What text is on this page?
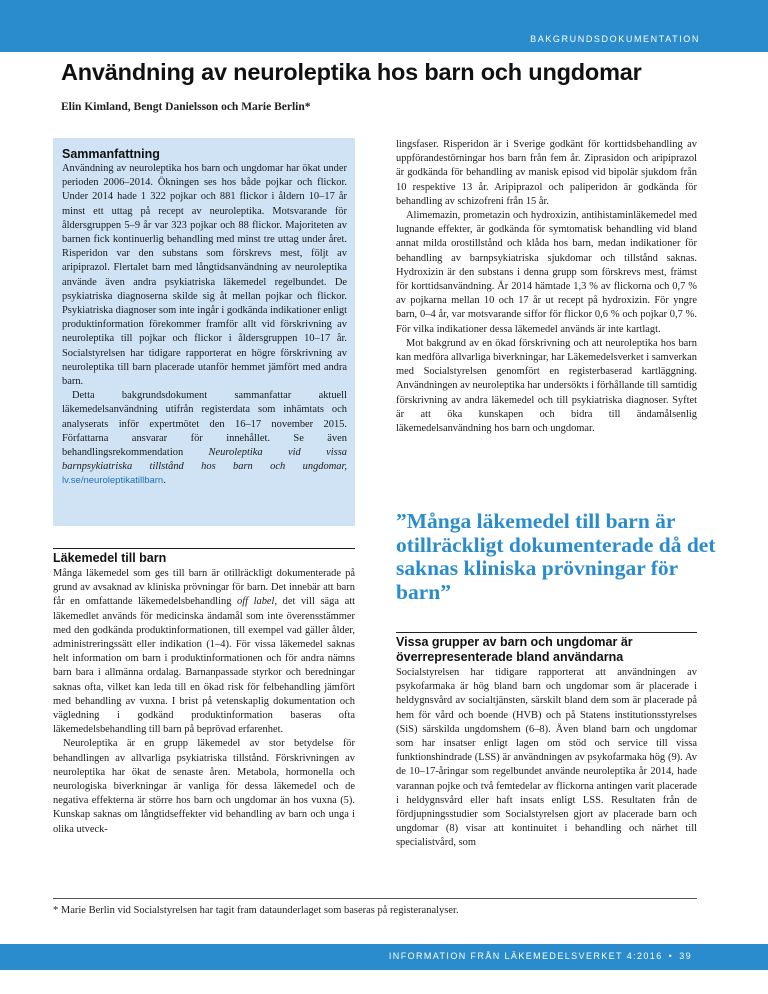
BAKGRUNDSDOKUMENTATION
Användning av neuroleptika hos barn och ungdomar
Elin Kimland, Bengt Danielsson och Marie Berlin*
Sammanfattning

Användning av neuroleptika hos barn och ungdomar har ökat under perioden 2006–2014. Ökningen ses hos både pojkar och flickor. Under 2014 hade 1 322 pojkar och 881 flickor i åldern 10–17 år minst ett uttag på recept av neuroleptika. Motsvarande för åldersgruppen 5–9 år var 323 pojkar och 88 flickor. Majoriteten av barnen fick kontinuerlig behandling med minst tre uttag under året. Risperidon var den substans som förskrevs mest, följt av aripiprazol. Flertalet barn med långtidsanvändning av neuroleptika använde även andra psykiatriska läkemedel regelbundet. De psykiatriska diagnoserna skilde sig åt mellan pojkar och flickor. Psykiatriska diagnoser som inte ingår i godkända indikationer enligt produktinformation förekommer framför allt vid förskrivning av neuroleptika till pojkar och flickor i åldersgruppen 10–17 år. Socialstyrelsen har tidigare rapporterat en högre förskrivning av neuroleptika till barn placerade utanför hemmet jämfört med andra barn.

Detta bakgrundsdokument sammanfattar aktuell läkemedelsanvändning utifrån registerdata som inhämtats och analyserats inför expertmötet den 16–17 november 2015. Författarna ansvarar för innehållet. Se även behandlingsrekommendation Neuroleptika vid vissa barnpsykiatriska tillstånd hos barn och ungdomar, lv.se/neuroleptikatillbarn.

Läkemedel till barn

Många läkemedel som ges till barn är otillräckligt dokumenterade på grund av avsaknad av kliniska prövningar för barn. Det innebär att barn får en omfattande läkemedelsbehandling off label, det vill säga att läkemedlet används för medicinska ändamål som inte överensstämmer med den godkända produktinformationen, till exempel vad gäller ålder, administreringssätt eller indikation (1–4). För vissa läkemedel saknas helt information om barn i produktinformationen och för andra nämns barn bara i allmänna ordalag. Barnanpassade styrkor och beredningar saknas ofta, vilket kan leda till en ökad risk för felbehandling jämfört med behandling av vuxna. I brist på vetenskaplig dokumentation och vägledning i godkänd produktinformation baseras ofta läkemedelsbehandling till barn på beprövad erfarenhet.

Neuroleptika är en grupp läkemedel av stor betydelse för behandlingen av allvarliga psykiatriska tillstånd. Förskrivningen av neuroleptika har ökat de senaste åren. Metabola, hormonella och neurologiska biverkningar är vanliga för dessa läkemedel och de negativa effekterna är större hos barn och ungdomar än hos vuxna (5). Kunskap saknas om långtidseffekter vid behandling av barn och unga i olika utveck-

lingsfaser. Risperidon är i Sverige godkänt för korttidsbehandling av uppförandestörningar hos barn från fem år. Ziprasidon och aripiprazol är godkända för behandling av manisk episod vid bipolär sjukdom från 10 respektive 13 år. Aripiprazol och paliperidon är godkända för behandling av schizofreni från 15 år.

Alimemazin, prometazin och hydroxizin, antihistaminläkemedel med lugnande effekter, är godkända för symtomatisk behandling vid bland annat milda orostillstånd och klåda hos barn, medan indikationer för behandling av barnpsykiatriska sjukdomar och tillstånd saknas. Hydroxizin är den substans i denna grupp som förskrevs mest, främst för korttidsanvändning. År 2014 hämtade 1,3 % av flickorna och 0,7 % av pojkarna mellan 10 och 17 år ut recept på hydroxizin. För yngre barn, 0–4 år, var motsvarande siffor för flickor 0,6 % och pojkar 0,7 %. För vilka indikationer dessa läkemedel används är inte kartlagt.

Mot bakgrund av en ökad förskrivning och att neuroleptika hos barn kan medföra allvarliga biverkningar, har Läkemedelsverket i samverkan med Socialstyrelsen genomfört en registerbaserad kartläggning. Användningen av neuroleptika har undersökts i förhållande till samtidig förskrivning av andra läkemedel och till psykiatriska diagnoser. Syftet är att öka kunskapen och bidra till ändamålsenlig läkemedelsanvändning hos barn och ungdomar.

”Många läkemedel till barn är otillräckligt dokumenterade då det saknas kliniska prövningar för barn”
Vissa grupper av barn och ungdomar är överrepresenterade bland användarna

Socialstyrelsen har tidigare rapporterat att användningen av psykofarmaka är hög bland barn och ungdomar som är placerade i heldygnsvård av socialtjänsten, särskilt bland dem som är placerade på hem för vård och boende (HVB) och på Statens institutionsstyrelses (SiS) särskilda ungdomshem (6–8). Även bland barn och ungdomar som har insatser enligt lagen om stöd och service till vissa funktionshindrade (LSS) är användningen av psykofarmaka hög (9). Av de 10–17-åringar som regelbundet använde neuroleptika år 2014, hade varannan pojke och två femtedelar av flickorna antingen varit placerade i heldygnsvård eller haft insats enligt LSS. Resultaten från de fördjupningsstudier som Socialstyrelsen gjort av placerade barn och ungdomar (8) visar att kontinuitet i behandling och närhet till specialistvård, som

* Marie Berlin vid Socialstyrelsen har tagit fram dataunderlaget som baseras på registeranalyser.
INFORMATION FRÅN LÄKEMEDELSVERKET 4:2016 • 39
